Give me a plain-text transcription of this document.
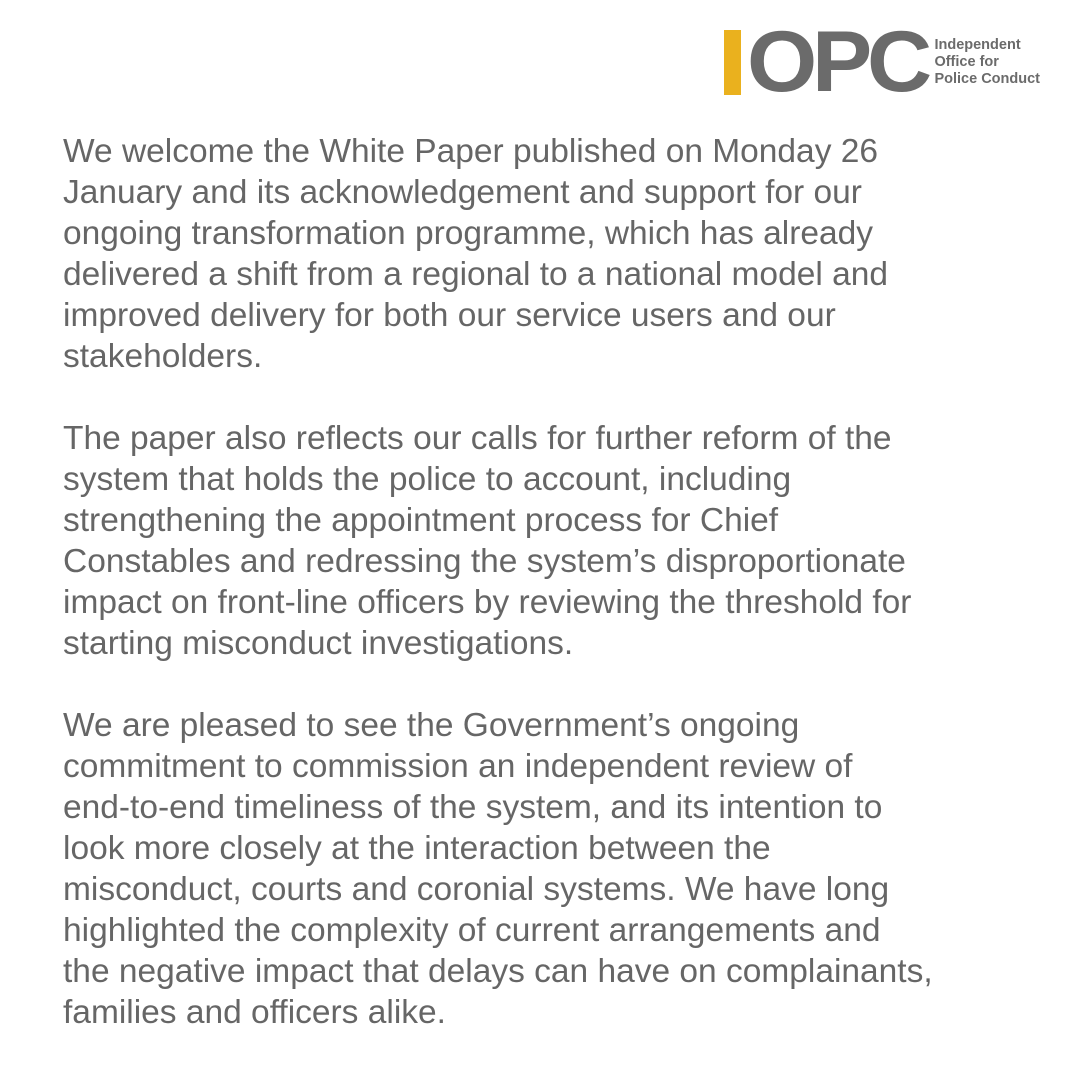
OPC Independent
Office for
Police Conduct

We welcome the White Paper published on Monday 26
January and its acknowledgement and support for our
ongoing transformation programme, which has already
delivered a shift from a regional to a national model and
improved delivery for both our service users and our
stakeholders.

The paper also reflects our calls for further reform of the
system that holds the police to account, including
strengthening the appointment process for Chief
Constables and redressing the system’s disproportionate
impact on front-line officers by reviewing the threshold for
starting misconduct investigations.

We are pleased to see the Government’s ongoing
commitment to commission an independent review of
end-to-end timeliness of the system, and its intention to
look more closely at the interaction between the
misconduct, courts and coronial systems. We have long
highlighted the complexity of current arrangements and
the negative impact that delays can have on complainants,
families and officers alike.
